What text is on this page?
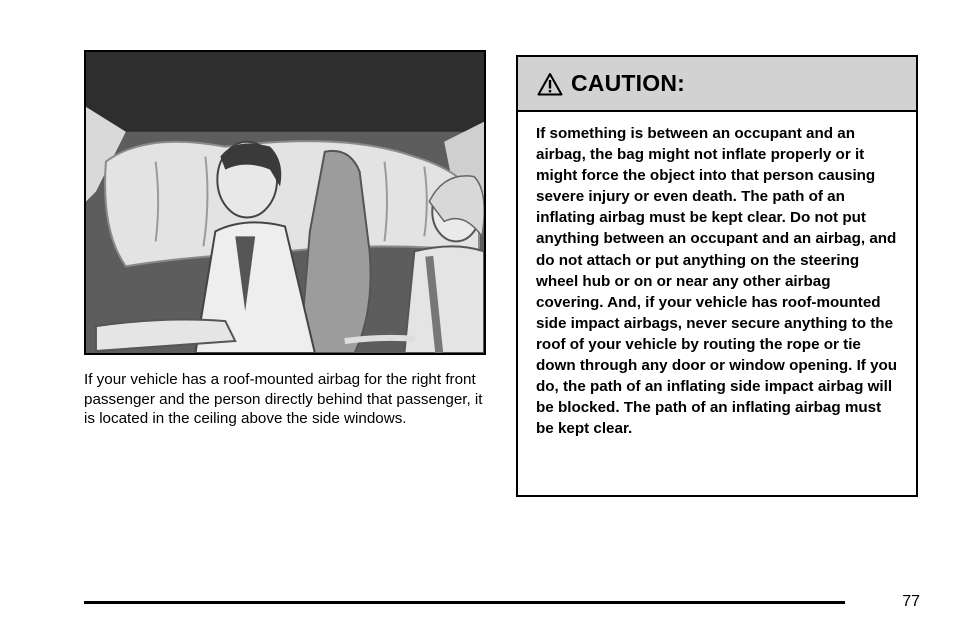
If your vehicle has a roof-mounted airbag for the right front passenger and the person directly behind that passenger, it is located in the ceiling above the side windows.

CAUTION:

If something is between an occupant and an airbag, the bag might not inflate properly or it might force the object into that person causing severe injury or even death. The path of an inflating airbag must be kept clear. Do not put anything between an occupant and an airbag, and do not attach or put anything on the steering wheel hub or on or near any other airbag covering. And, if your vehicle has roof-mounted side impact airbags, never secure anything to the roof of your vehicle by routing the rope or tie down through any door or window opening. If you do, the path of an inflating side impact airbag will be blocked. The path of an inflating airbag must be kept clear.

77
